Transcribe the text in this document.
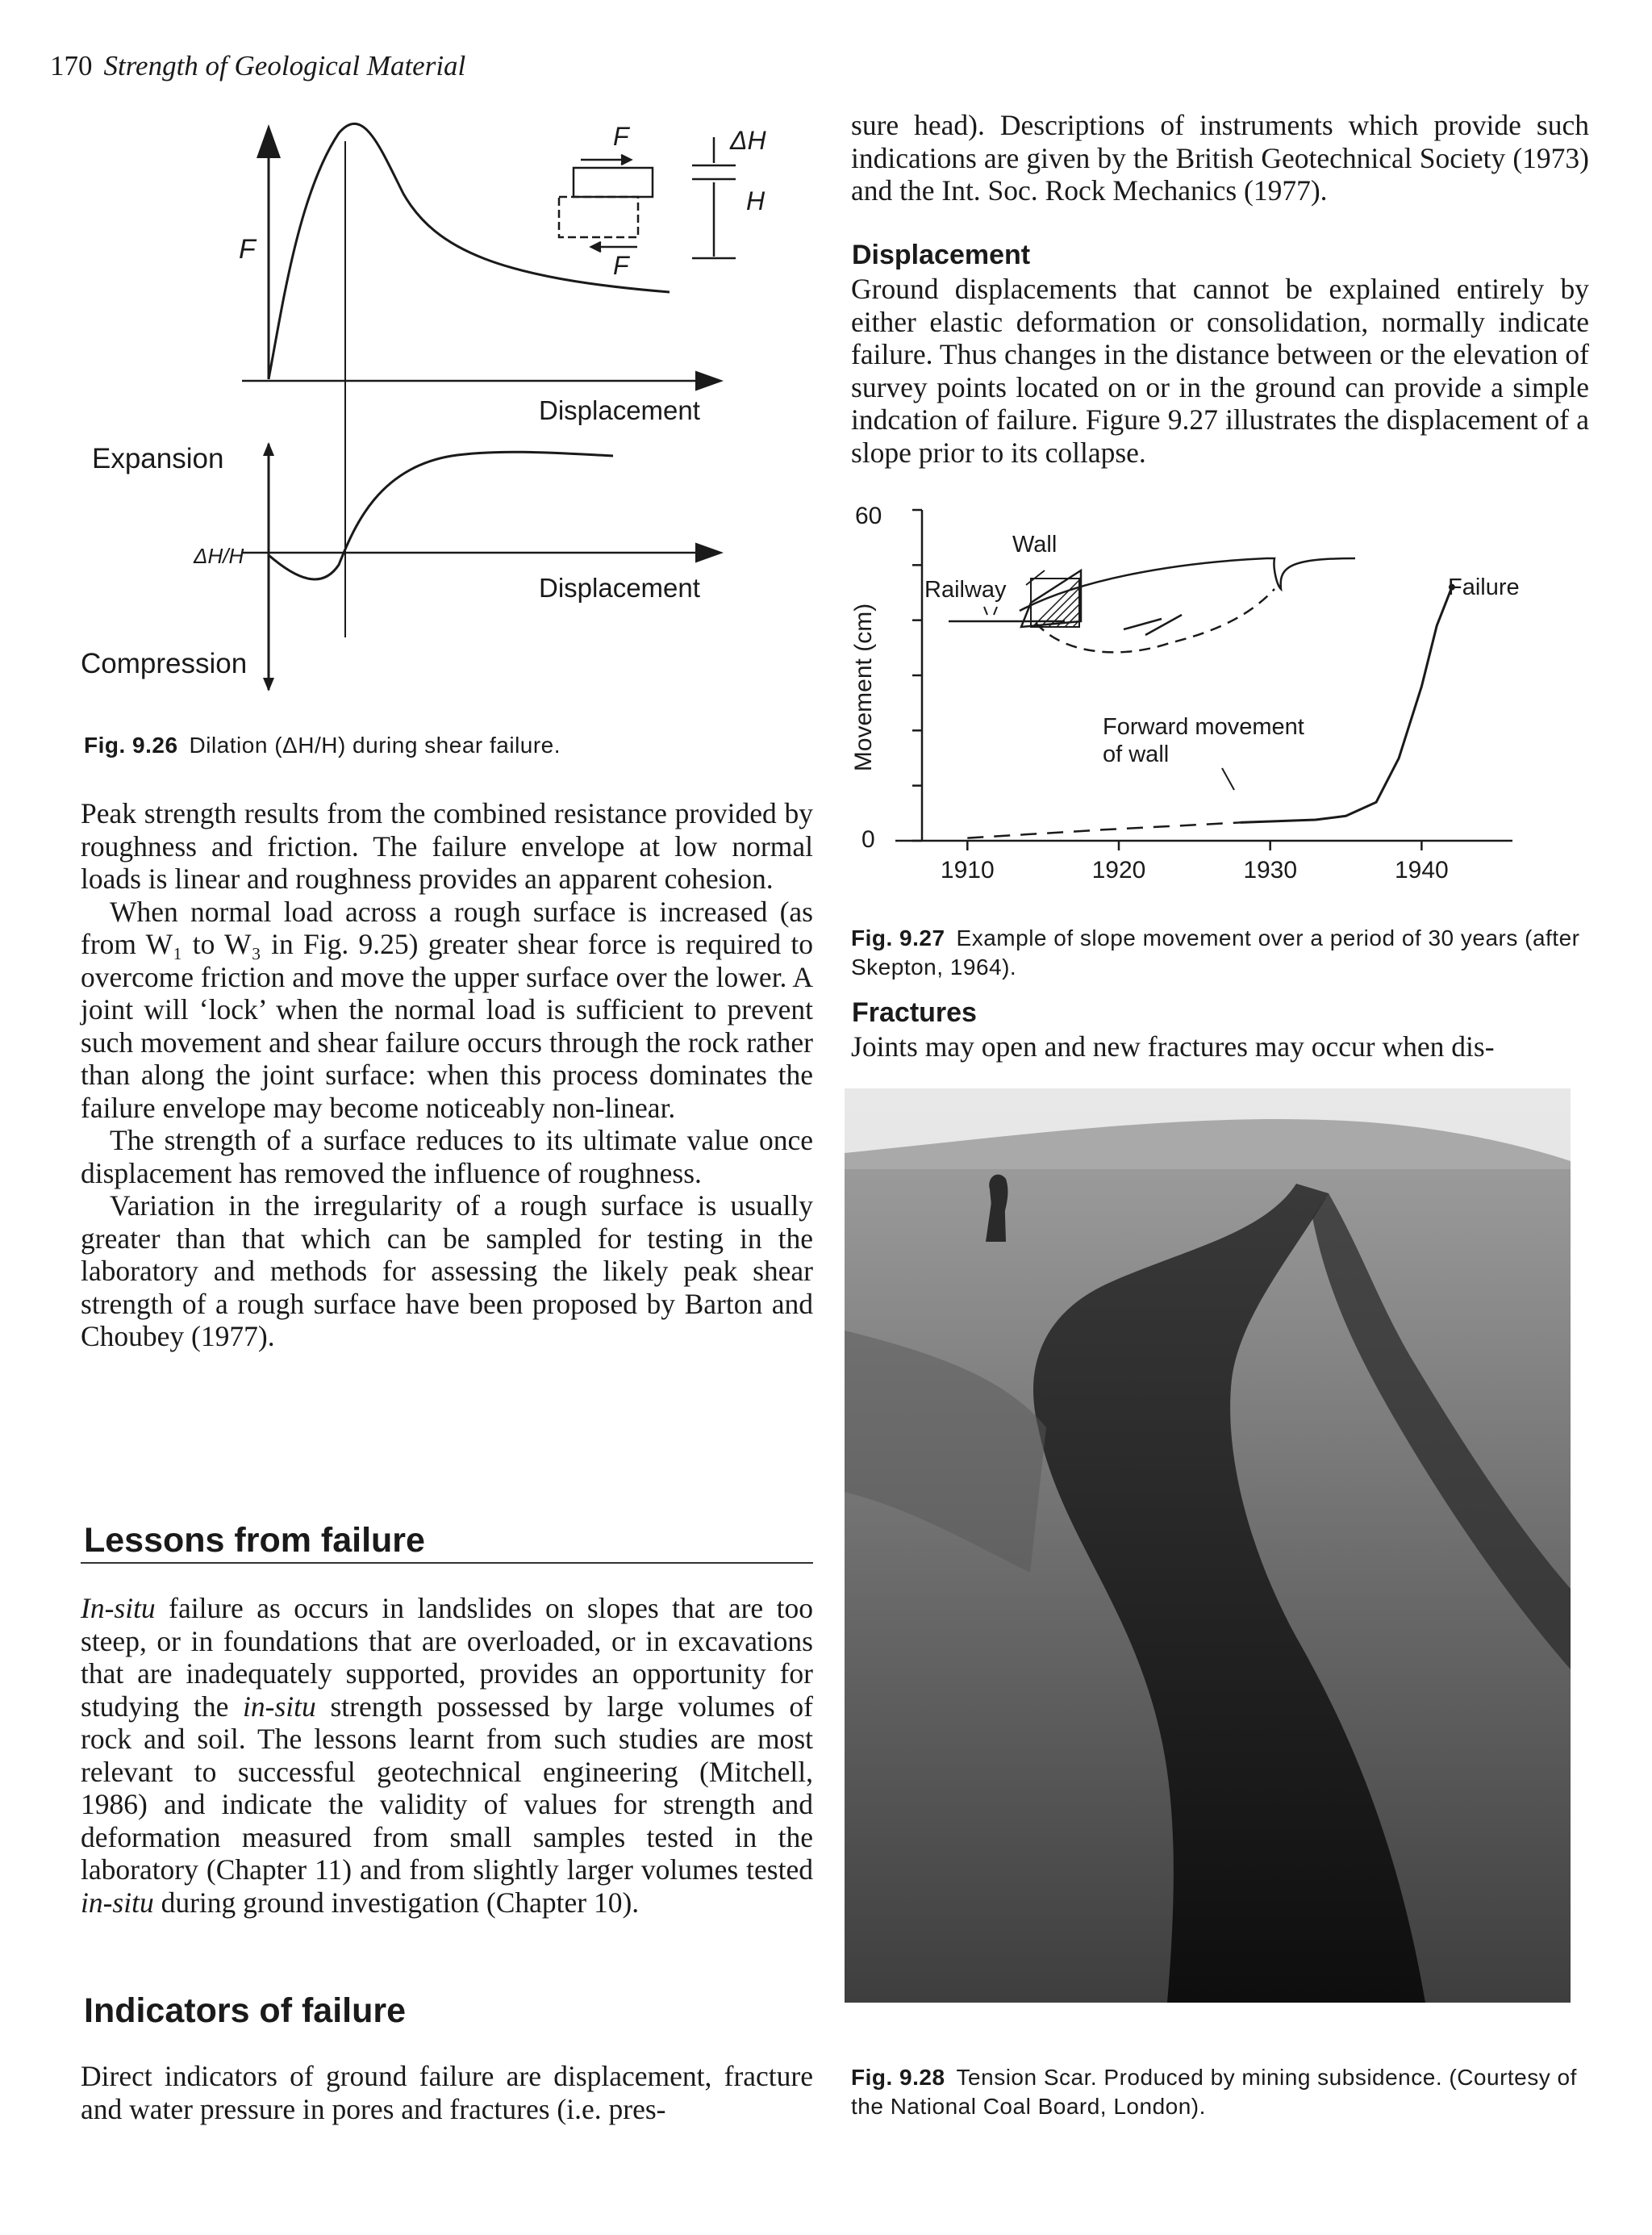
170 Strength of Geological Material
F
F
F
ΔH
H
Displacement
Expansion
ΔH/H
Displacement
Compression
Fig. 9.26 Dilation (ΔH/H) during shear failure.

Peak strength results from the combined resistance provided by roughness and friction. The failure envelope at low normal loads is linear and roughness provides an apparent cohesion.

When normal load across a rough surface is increased (as from W₁ to W₃ in Fig. 9.25) greater shear force is required to overcome friction and move the upper surface over the lower. A joint will ‘lock’ when the normal load is sufficient to prevent such movement and shear failure occurs through the rock rather than along the joint surface: when this process dominates the failure envelope may become noticeably non-linear.

The strength of a surface reduces to its ultimate value once displacement has removed the influence of roughness.

Variation in the irregularity of a rough surface is usually greater than that which can be sampled for testing in the laboratory and methods for assessing the likely peak shear strength of a rough surface have been proposed by Barton and Choubey (1977).

Lessons from failure

In-situ failure as occurs in landslides on slopes that are too steep, or in foundations that are overloaded, or in excavations that are inadequately supported, provides an opportunity for studying the in-situ strength possessed by large volumes of rock and soil. The lessons learnt from such studies are most relevant to successful geotechnical engineering (Mitchell, 1986) and indicate the validity of values for strength and deformation measured from small samples tested in the laboratory (Chapter 11) and from slightly larger volumes tested in-situ during ground investigation (Chapter 10).

Indicators of failure

Direct indicators of ground failure are displacement, fracture and water pressure in pores and fractures (i.e. pres-

sure head). Descriptions of instruments which provide such indications are given by the British Geotechnical Society (1973) and the Int. Soc. Rock Mechanics (1977).

Displacement

Ground displacements that cannot be explained entirely by either elastic deformation or consolidation, normally indicate failure. Thus changes in the distance between or the elevation of survey points located on or in the ground can provide a simple indcation of failure. Figure 9.27 illustrates the displacement of a slope prior to its collapse.

60
0
Movement (cm)
1910	1920	1930	1940
Failure
Wall
Railway
Forward movement
of wall
Fig. 9.27 Example of slope movement over a period of 30 years (after Skepton, 1964).
Fractures

Joints may open and new fractures may occur when dis-

Fig. 9.28 Tension Scar. Produced by mining subsidence. (Courtesy of the National Coal Board, London).
